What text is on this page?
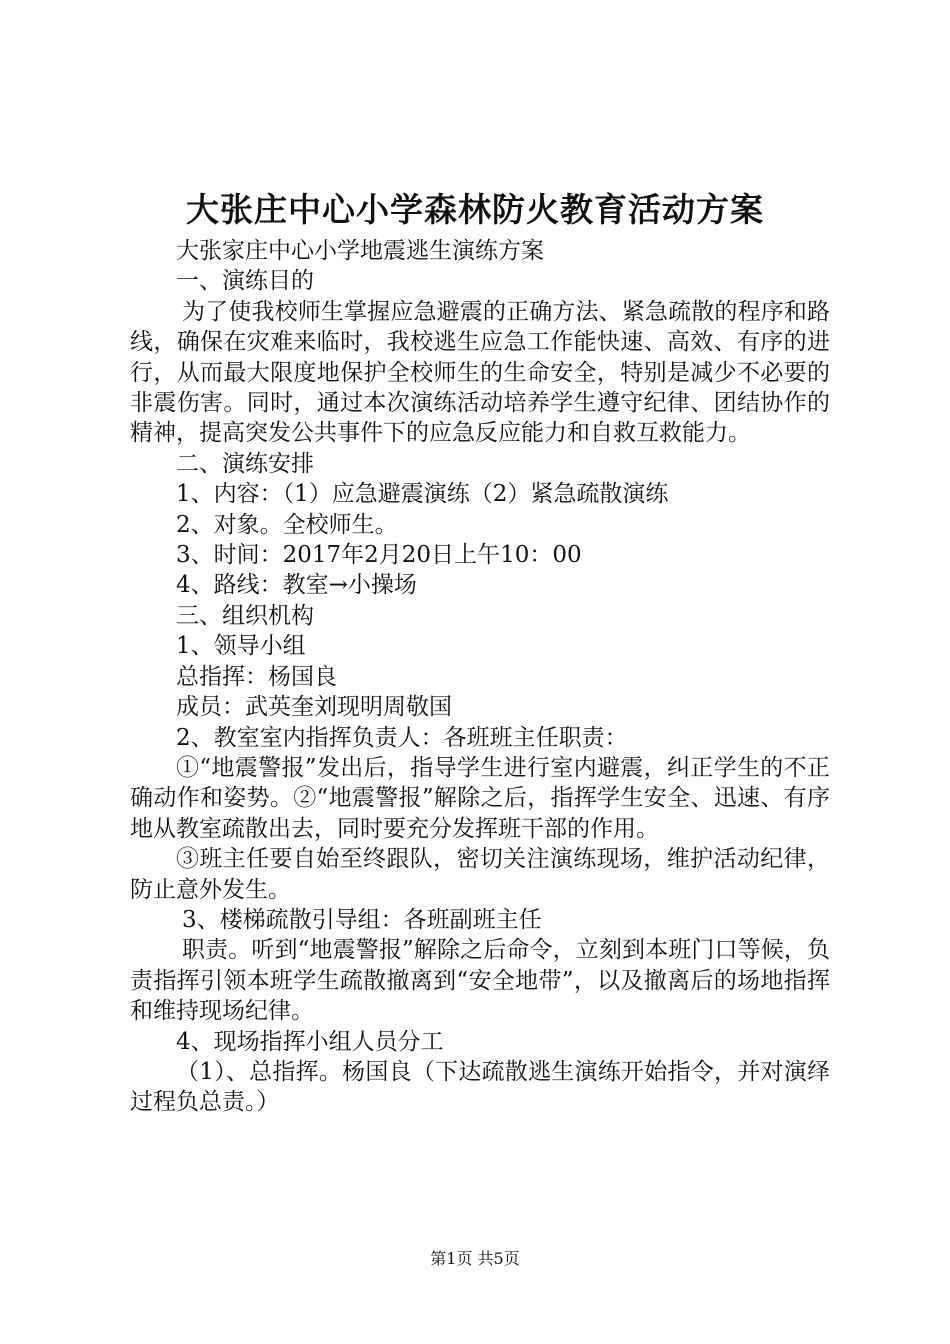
大张庄中心小学森林防火教育活动方案

大张家庄中心小学地震逃生演练方案

一、演练目的

为了使我校师生掌握应急避震的正确方法、紧急疏散的程序和路线，确保在灾难来临时，我校逃生应急工作能快速、高效、有序的进行，从而最大限度地保护全校师生的生命安全，特别是减少不必要的非震伤害。同时，通过本次演练活动培养学生遵守纪律、团结协作的精神，提高突发公共事件下的应急反应能力和自救互救能力。

二、演练安排

1、内容：（1）应急避震演练（2）紧急疏散演练

2、对象。全校师生。

3、时间：2017年2月20日上午10：00

4、路线：教室→小操场

三、组织机构

1、领导小组

总指挥：杨国良

成员：武英奎刘现明周敬国

2、教室室内指挥负责人：各班班主任职责：

①“地震警报”发出后，指导学生进行室内避震，纠正学生的不正确动作和姿势。②“地震警报”解除之后，指挥学生安全、迅速、有序地从教室疏散出去，同时要充分发挥班干部的作用。

③班主任要自始至终跟队，密切关注演练现场，维护活动纪律，防止意外发生。

3、楼梯疏散引导组：各班副班主任

职责。听到“地震警报”解除之后命令，立刻到本班门口等候，负责指挥引领本班学生疏散撤离到“安全地带”，以及撤离后的场地指挥和维持现场纪律。

4、现场指挥小组人员分工

（1）、总指挥。杨国良（下达疏散逃生演练开始指令，并对演绎过程负总责。）

第1页 共5页
